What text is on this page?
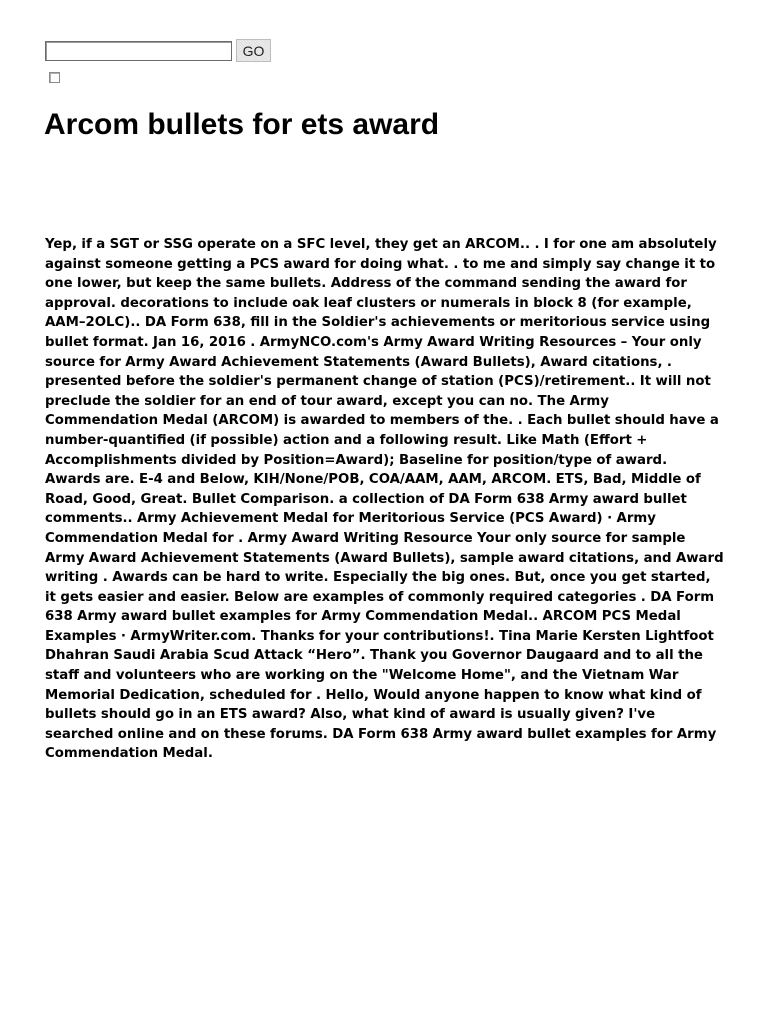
GO
Arcom bullets for ets award

Yep, if a SGT or SSG operate on a SFC level, they get an ARCOM.. . I for one am absolutely against someone getting a PCS award for doing what. . to me and simply say change it to one lower, but keep the same bullets. Address of the command sending the award for approval. decorations to include oak leaf clusters or numerals in block 8 (for example, AAM–2OLC).. DA Form 638, fill in the Soldier's achievements or meritorious service using bullet format. Jan 16, 2016 . ArmyNCO.com's Army Award Writing Resources – Your only source for Army Award Achievement Statements (Award Bullets), Award citations, . presented before the soldier's permanent change of station (PCS)/retirement.. It will not preclude the soldier for an end of tour award, except you can no. The Army Commendation Medal (ARCOM) is awarded to members of the. . Each bullet should have a number-quantified (if possible) action and a following result. Like Math (Effort + Accomplishments divided by Position=Award); Baseline for position/type of award. Awards are. E-4 and Below, KIH/None/POB, COA/AAM, AAM, ARCOM. ETS, Bad, Middle of Road, Good, Great. Bullet Comparison. a collection of DA Form 638 Army award bullet comments.. Army Achievement Medal for Meritorious Service (PCS Award) · Army Commendation Medal for . Army Award Writing Resource Your only source for sample Army Award Achievement Statements (Award Bullets), sample award citations, and Award writing . Awards can be hard to write. Especially the big ones. But, once you get started, it gets easier and easier. Below are examples of commonly required categories . DA Form 638 Army award bullet examples for Army Commendation Medal.. ARCOM PCS Medal Examples · ArmyWriter.com. Thanks for your contributions!. Tina Marie Kersten Lightfoot Dhahran Saudi Arabia Scud Attack “Hero”. Thank you Governor Daugaard and to all the staff and volunteers who are working on the "Welcome Home", and the Vietnam War Memorial Dedication, scheduled for . Hello, Would anyone happen to know what kind of bullets should go in an ETS award? Also, what kind of award is usually given? I've searched online and on these forums. DA Form 638 Army award bullet examples for Army Commendation Medal.
